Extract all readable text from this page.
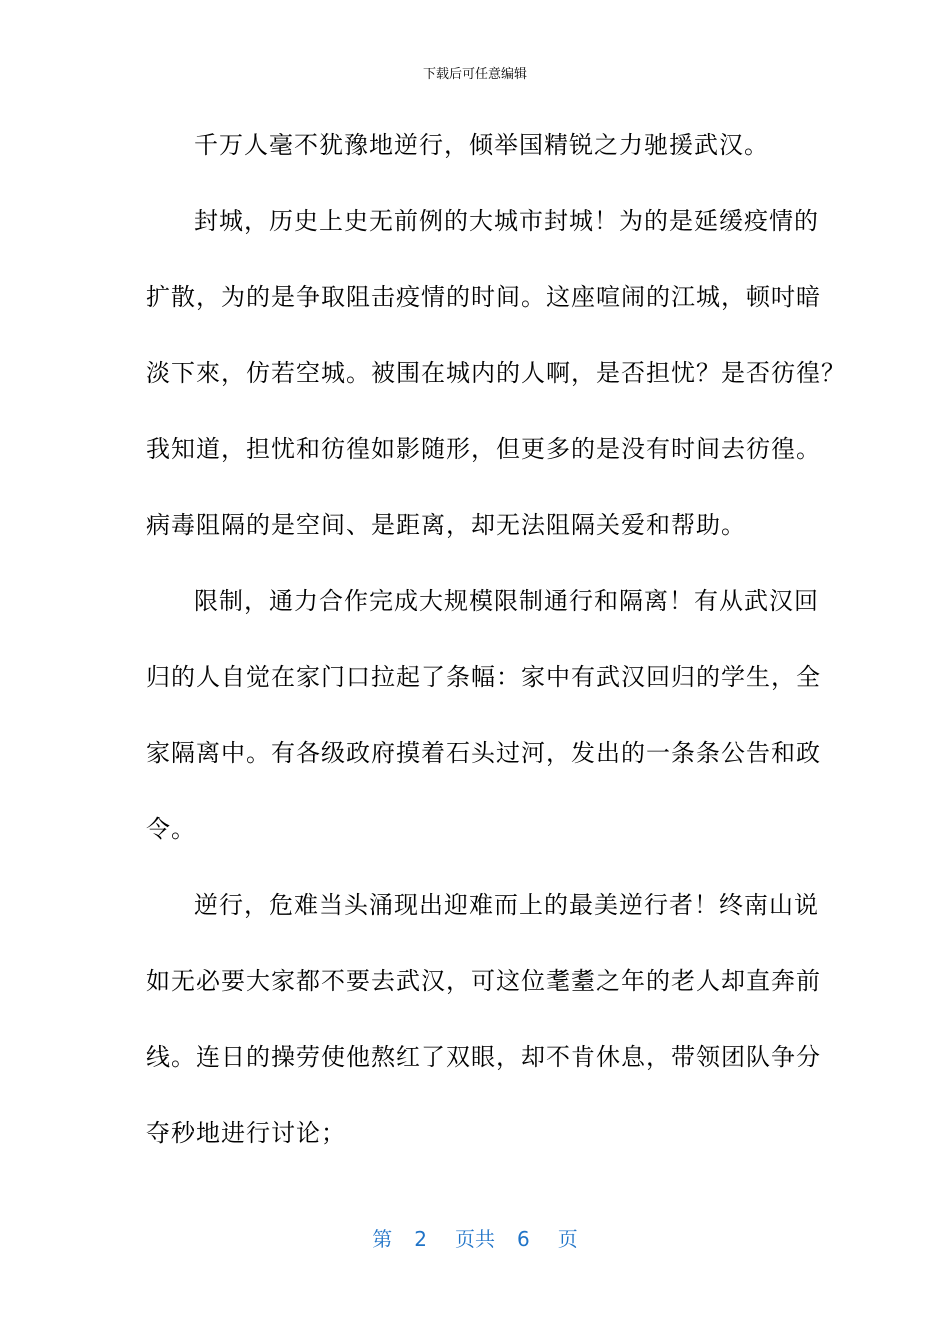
下载后可任意编辑
千万人毫不犹豫地逆行，倾举国精锐之力驰援武汉。
封城，历史上史无前例的大城市封城！为的是延缓疫情的
扩散，为的是争取阻击疫情的时间。这座喧闹的江城，顿吋暗
淡下來，仿若空城。被围在城内的人啊，是否担忧？是否彷徨？
我知道，担忧和彷徨如影随形，但更多的是没有时间去彷徨。
病毒阻隔的是空间、是距离，却无法阻隔关爱和帮助。
限制，通力合作完成大规模限制通行和隔离！有从武汉回
归的人自觉在家门口拉起了条幅：家中有武汉回归的学生，全
家隔离中。有各级政府摸着石头过河，发出的一条条公告和政
令。
逆行，危难当头涌现出迎难而上的最美逆行者！终南山说
如无必要大家都不要去武汉，可这位耄耋之年的老人却直奔前
线。连日的操劳使他熬红了双眼，却不肯休息，带领团队争分
夺秒地进行讨论；
第 2 页共 6 页
